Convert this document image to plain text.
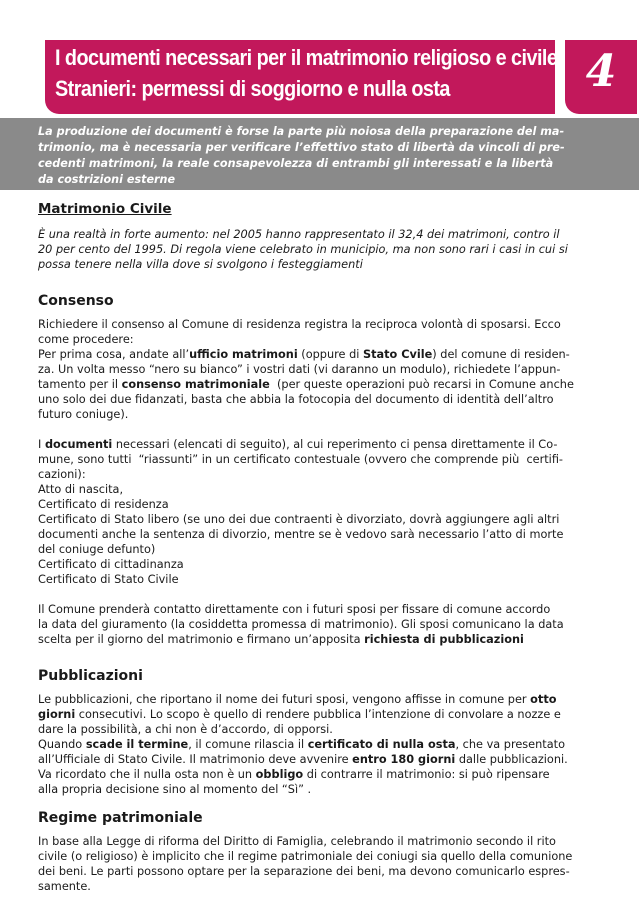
I documenti necessari per il matrimonio religioso e civile.
Stranieri: permessi di soggiorno e nulla osta	4

La produzione dei documenti è forse la parte più noiosa della preparazione del ma-
trimonio, ma è necessaria per verificare l’effettivo stato di libertà da vincoli di pre-
cedenti matrimoni, la reale consapevolezza di entrambi gli interessati e la libertà
da costrizioni esterne

Matrimonio Civile

È una realtà in forte aumento: nel 2005 hanno rappresentato il 32,4 dei matrimoni, contro il
20 per cento del 1995. Di regola viene celebrato in municipio, ma non sono rari i casi in cui si
possa tenere nella villa dove si svolgono i festeggiamenti

Consenso

Richiedere il consenso al Comune di residenza registra la reciproca volontà di sposarsi. Ecco
come procedere:
Per prima cosa, andate all’ufficio matrimoni (oppure di Stato Cvile) del comune di residen-
za. Un volta messo “nero su bianco” i vostri dati (vi daranno un modulo), richiedete l’appun-
tamento per il consenso matrimoniale  (per queste operazioni può recarsi in Comune anche
uno solo dei due fidanzati, basta che abbia la fotocopia del documento di identità dell’altro
futuro coniuge).

I documenti necessari (elencati di seguito), al cui reperimento ci pensa direttamente il Co-
mune, sono tutti  “riassunti” in un certificato contestuale (ovvero che comprende più  certifi-
cazioni):
Atto di nascita,
Certificato di residenza
Certificato di Stato libero (se uno dei due contraenti è divorziato, dovrà aggiungere agli altri
documenti anche la sentenza di divorzio, mentre se è vedovo sarà necessario l’atto di morte
del coniuge defunto)
Certificato di cittadinanza
Certificato di Stato Civile

Il Comune prenderà contatto direttamente con i futuri sposi per fissare di comune accordo
la data del giuramento (la cosiddetta promessa di matrimonio). Gli sposi comunicano la data
scelta per il giorno del matrimonio e firmano un’apposita richiesta di pubblicazioni

Pubblicazioni

Le pubblicazioni, che riportano il nome dei futuri sposi, vengono affisse in comune per otto
giorni consecutivi. Lo scopo è quello di rendere pubblica l’intenzione di convolare a nozze e
dare la possibilità, a chi non è d’accordo, di opporsi.
Quando scade il termine, il comune rilascia il certificato di nulla osta, che va presentato
all’Ufficiale di Stato Civile. Il matrimonio deve avvenire entro 180 giorni dalle pubblicazioni.
Va ricordato che il nulla osta non è un obbligo di contrarre il matrimonio: si può ripensare
alla propria decisione sino al momento del “Sì” .

Regime patrimoniale

In base alla Legge di riforma del Diritto di Famiglia, celebrando il matrimonio secondo il rito
civile (o religioso) è implicito che il regime patrimoniale dei coniugi sia quello della comunione
dei beni. Le parti possono optare per la separazione dei beni, ma devono comunicarlo espres-
samente.
